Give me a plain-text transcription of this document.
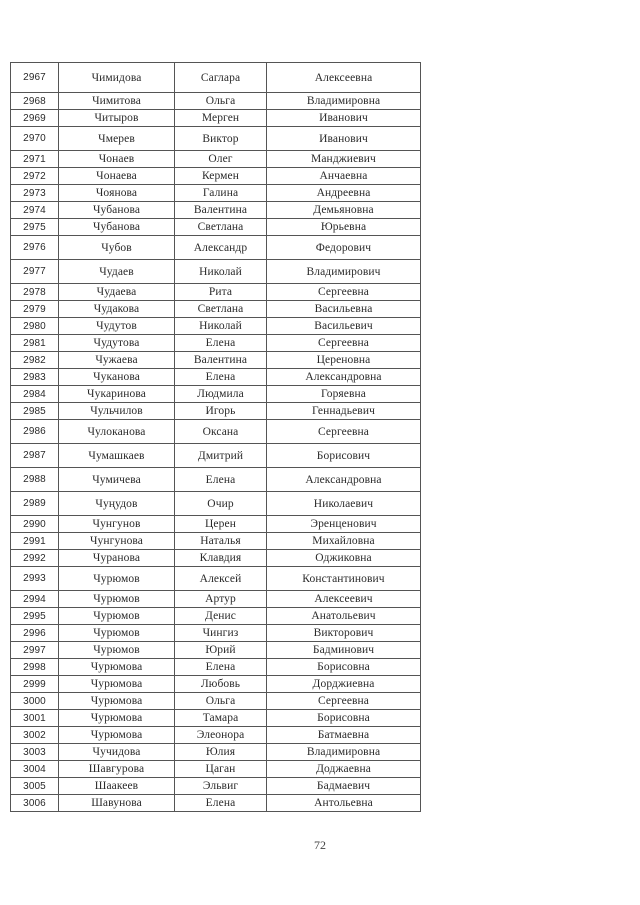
2967	Чимидова	Саглара	Алексеевна
2968	Чимитова	Ольга	Владимировна
2969	Читыров	Мерген	Иванович
2970	Чмерев	Виктор	Иванович
2971	Чонаев	Олег	Манджиевич
2972	Чонаева	Кермен	Анчаевна
2973	Чоянова	Галина	Андреевна
2974	Чубанова	Валентина	Демьяновна
2975	Чубанова	Светлана	Юрьевна
2976	Чубов	Александр	Федорович
2977	Чудаев	Николай	Владимирович
2978	Чудаева	Рита	Сергеевна
2979	Чудакова	Светлана	Васильевна
2980	Чудутов	Николай	Васильевич
2981	Чудутова	Елена	Сергеевна
2982	Чужаева	Валентина	Цереновна
2983	Чуканова	Елена	Александровна
2984	Чукаринова	Людмила	Горяевна
2985	Чульчилов	Игорь	Геннадьевич
2986	Чулоканова	Оксана	Сергеевна
2987	Чумашкаев	Дмитрий	Борисович
2988	Чумичева	Елена	Александровна
2989	Чуңудов	Очир	Николаевич
2990	Чунгунов	Церен	Эренценович
2991	Чунгунова	Наталья	Михайловна
2992	Чуранова	Клавдия	Оджиковна
2993	Чурюмов	Алексей	Константинович
2994	Чурюмов	Артур	Алексеевич
2995	Чурюмов	Денис	Анатольевич
2996	Чурюмов	Чингиз	Викторович
2997	Чурюмов	Юрий	Бадминович
2998	Чурюмова	Елена	Борисовна
2999	Чурюмова	Любовь	Дорджиевна
3000	Чурюмова	Ольга	Сергеевна
3001	Чурюмова	Тамара	Борисовна
3002	Чурюмова	Элеонора	Батмаевна
3003	Чучидова	Юлия	Владимировна
3004	Шавгурова	Цаган	Доджаевна
3005	Шаакеев	Эльвиг	Бадмаевич
3006	Шавунова	Елена	Антольевна
72
